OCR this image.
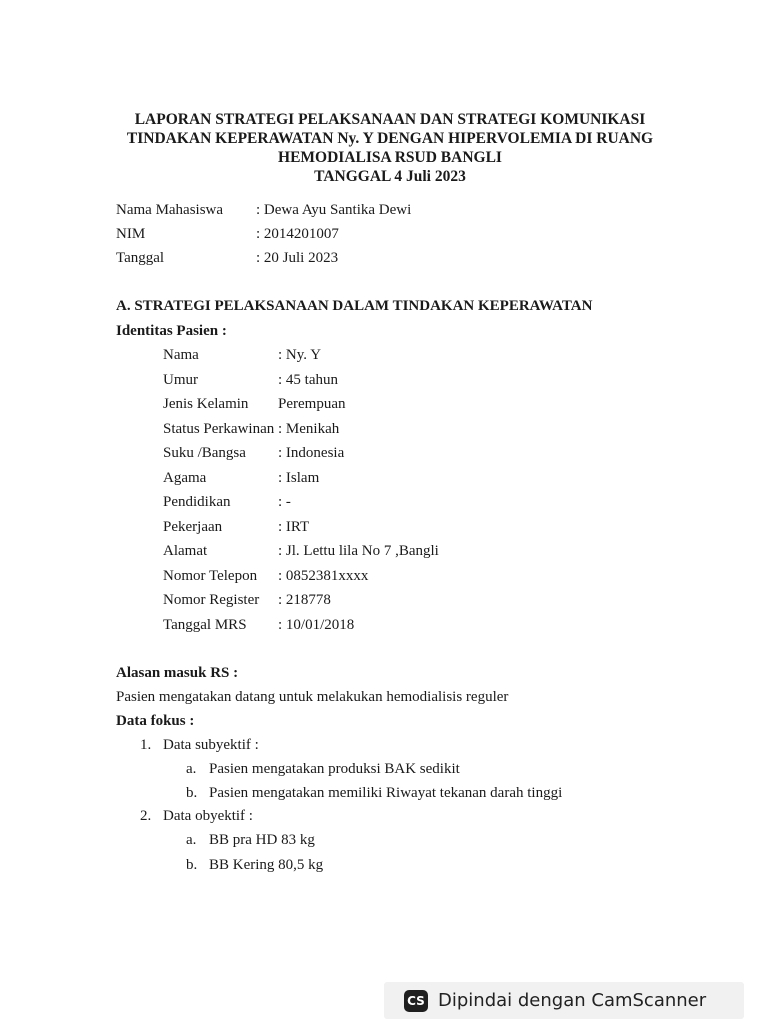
LAPORAN STRATEGI PELAKSANAAN DAN STRATEGI KOMUNIKASI
TINDAKAN KEPERAWATAN Ny. Y DENGAN HIPERVOLEMIA DI RUANG
HEMODIALISA RSUD BANGLI
TANGGAL 4 Juli 2023
Nama Mahasiswa : Dewa Ayu Santika Dewi
NIM	: 2014201007
Tanggal	: 20 Juli 2023
A. STRATEGI PELAKSANAAN DALAM TINDAKAN KEPERAWATAN
Identitas Pasien :
Nama	: Ny. Y
Umur	: 45 tahun
Jenis Kelamin Perempuan
Status Perkawinan : Menikah
Suku /Bangsa : Indonesia
Agama	: Islam
Pendidikan	: -
Pekerjaan	: IRT
Alamat	: Jl. Lettu lila No 7 ,Bangli
Nomor Telepon : 0852381xxxx
Nomor Register : 218778
Tanggal MRS : 10/01/2018
Alasan masuk RS :
Pasien mengatakan datang untuk melakukan hemodialisis reguler
Data fokus :
1. Data subyektif :
a. Pasien mengatakan produksi BAK sedikit
b. Pasien mengatakan memiliki Riwayat tekanan darah tinggi
2. Data obyektif :
a. BB pra HD 83 kg
b. BB Kering 80,5 kg
CS Dipindai dengan CamScanner
